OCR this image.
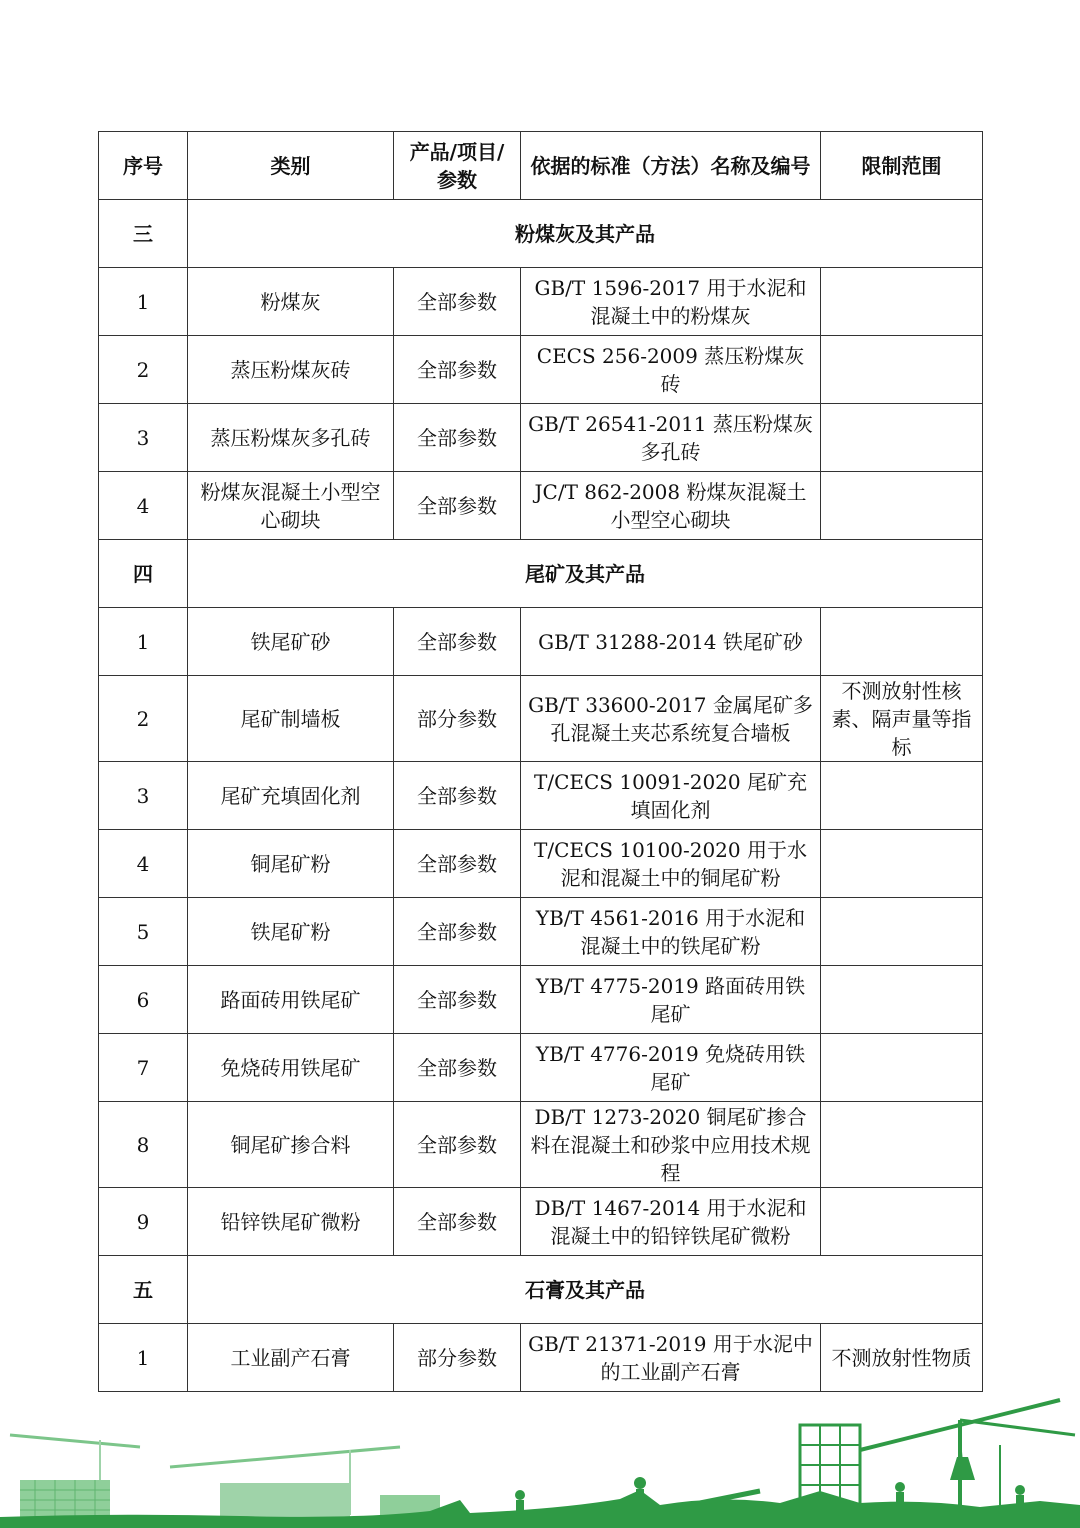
序号	类别	产品/项目/参数	依据的标准（方法）名称及编号	限制范围
三	粉煤灰及其产品			
1	粉煤灰	全部参数	GB/T 1596-2017 用于水泥和混凝土中的粉煤灰	
2	蒸压粉煤灰砖	全部参数	CECS 256-2009 蒸压粉煤灰砖	
3	蒸压粉煤灰多孔砖	全部参数	GB/T 26541-2011 蒸压粉煤灰多孔砖	
4	粉煤灰混凝土小型空心砌块	全部参数	JC/T 862-2008 粉煤灰混凝土小型空心砌块	
四	尾矿及其产品			
1	铁尾矿砂	全部参数	GB/T 31288-2014 铁尾矿砂	
2	尾矿制墙板	部分参数	GB/T 33600-2017 金属尾矿多孔混凝土夹芯系统复合墙板	不测放射性核素、隔声量等指标
3	尾矿充填固化剂	全部参数	T/CECS 10091-2020 尾矿充填固化剂	
4	铜尾矿粉	全部参数	T/CECS 10100-2020 用于水泥和混凝土中的铜尾矿粉	
5	铁尾矿粉	全部参数	YB/T 4561-2016 用于水泥和混凝土中的铁尾矿粉	
6	路面砖用铁尾矿	全部参数	YB/T 4775-2019 路面砖用铁尾矿	
7	免烧砖用铁尾矿	全部参数	YB/T 4776-2019 免烧砖用铁尾矿	
8	铜尾矿掺合料	全部参数	DB/T 1273-2020 铜尾矿掺合料在混凝土和砂浆中应用技术规程	
9	铅锌铁尾矿微粉	全部参数	DB/T 1467-2014 用于水泥和混凝土中的铅锌铁尾矿微粉	
五	石膏及其产品			
1	工业副产石膏	部分参数	GB/T 21371-2019 用于水泥中的工业副产石膏	不测放射性物质
